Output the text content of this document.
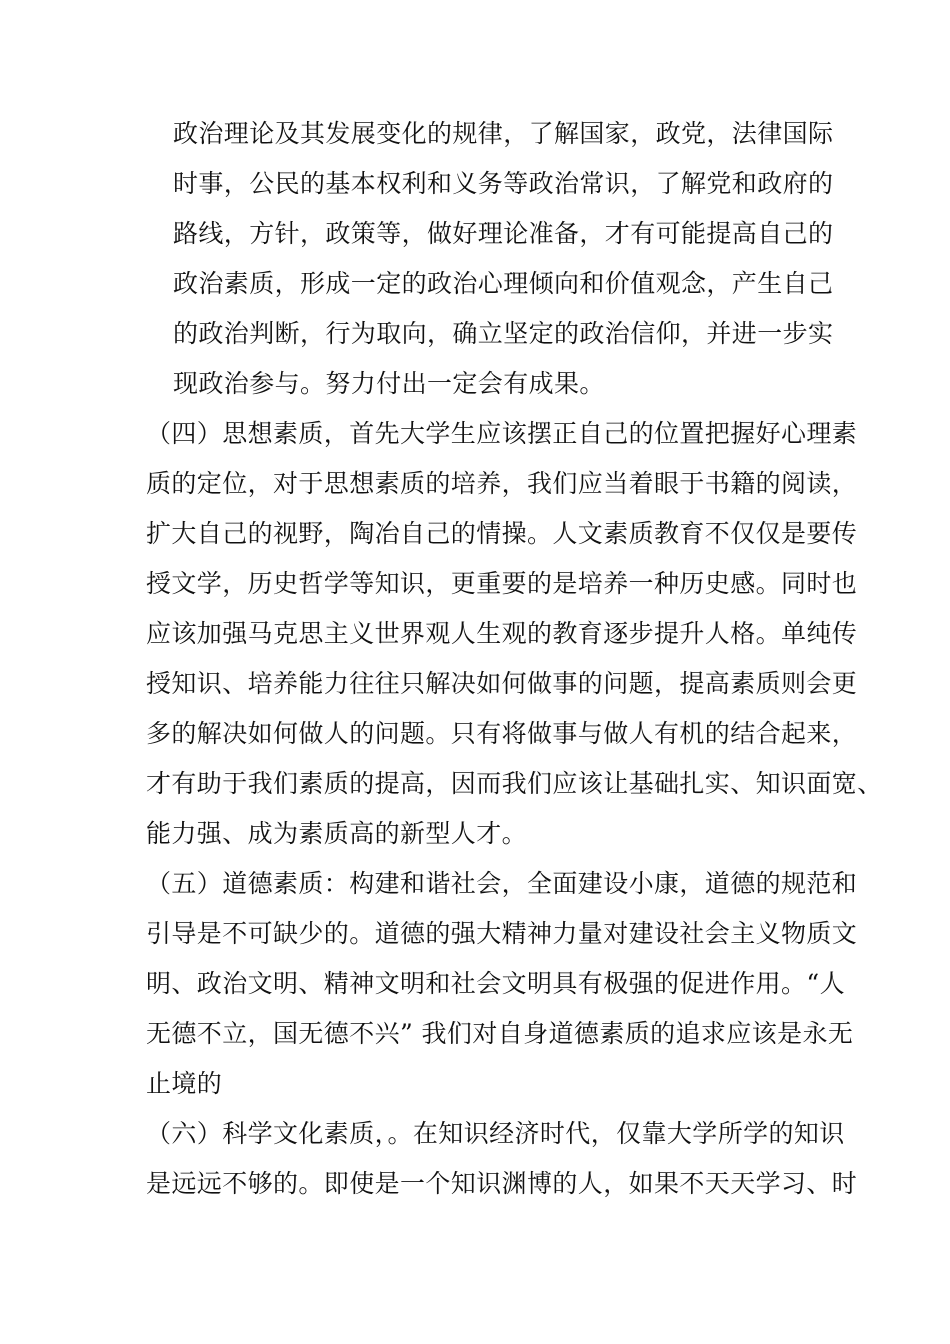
政治理论及其发展变化的规律，了解国家，政党，法律国际
时事，公民的基本权利和义务等政治常识，了解党和政府的
路线，方针，政策等，做好理论准备，才有可能提高自己的
政治素质，形成一定的政治心理倾向和价值观念，产生自己
的政治判断，行为取向，确立坚定的政治信仰，并进一步实
现政治参与。努力付出一定会有成果。
（四）思想素质，首先大学生应该摆正自己的位置把握好心理素
质的定位，对于思想素质的培养，我们应当着眼于书籍的阅读，
扩大自己的视野，陶冶自己的情操。人文素质教育不仅仅是要传
授文学，历史哲学等知识，更重要的是培养一种历史感。同时也
应该加强马克思主义世界观人生观的教育逐步提升人格。单纯传
授知识、培养能力往往只解决如何做事的问题，提高素质则会更
多的解决如何做人的问题。只有将做事与做人有机的结合起来，
才有助于我们素质的提高，因而我们应该让基础扎实、知识面宽、
能力强、成为素质高的新型人才。
（五）道德素质：构建和谐社会，全面建设小康，道德的规范和
引导是不可缺少的。道德的强大精神力量对建设社会主义物质文
明、政治文明、精神文明和社会文明具有极强的促进作用。“人
无德不立，国无德不兴” 我们对自身道德素质的追求应该是永无
止境的
（六）科学文化素质，。在知识经济时代，仅靠大学所学的知识
是远远不够的。即使是一个知识渊博的人，如果不天天学习、时
